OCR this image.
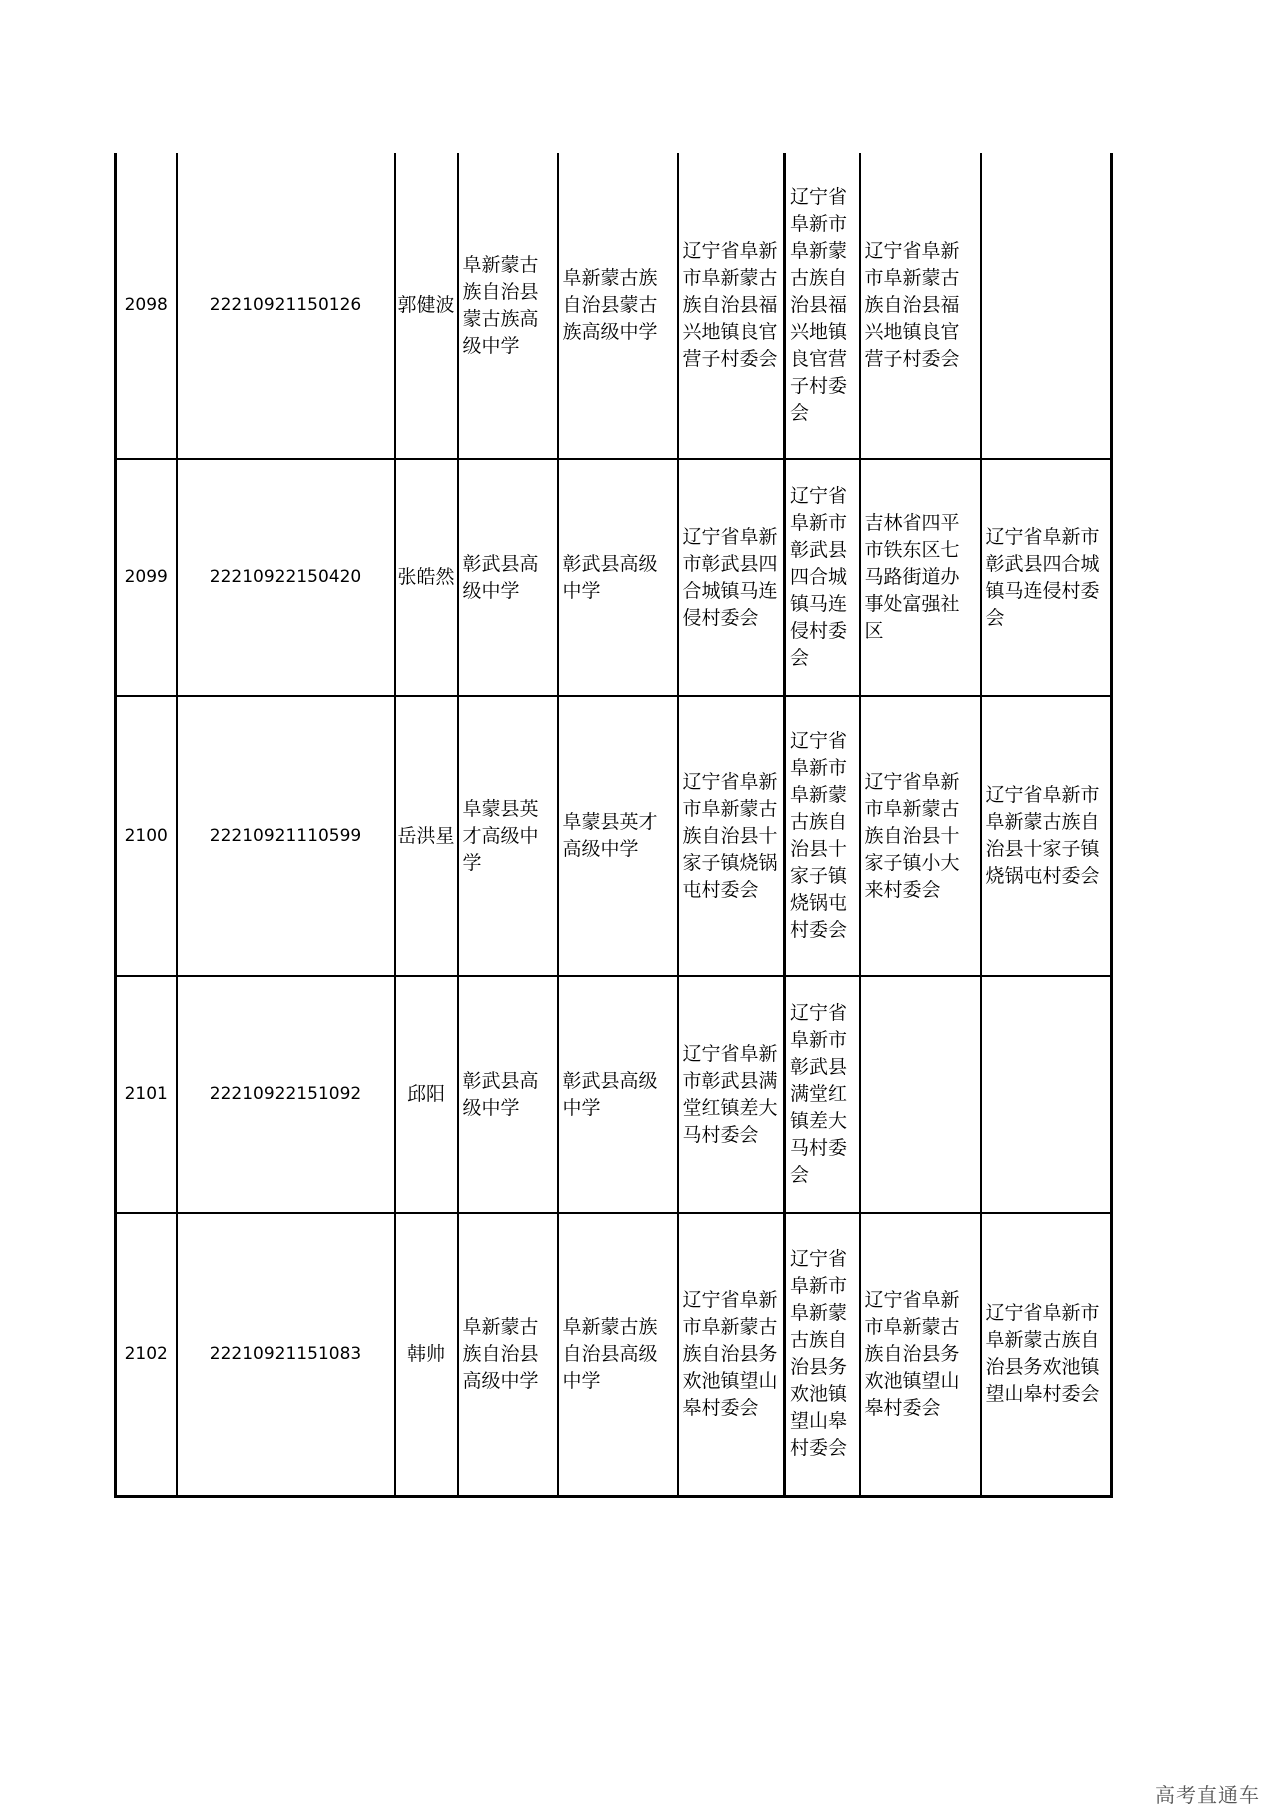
2098	22210921150126	郭健波	阜新蒙古族自治县蒙古族高级中学	阜新蒙古族自治县蒙古族高级中学	辽宁省阜新市阜新蒙古族自治县福兴地镇良官营子村委会	辽宁省阜新市阜新蒙古族自治县福兴地镇良官营子村委会	辽宁省阜新市阜新蒙古族自治县福兴地镇良官营子村委会	
2099	22210922150420	张皓然	彰武县高级中学	彰武县高级中学	辽宁省阜新市彰武县四合城镇马连侵村委会	辽宁省阜新市彰武县四合城镇马连侵村委会	吉林省四平市铁东区七马路街道办事处富强社区	辽宁省阜新市彰武县四合城镇马连侵村委会
2100	22210921110599	岳洪星	阜蒙县英才高级中学	阜蒙县英才高级中学	辽宁省阜新市阜新蒙古族自治县十家子镇烧锅屯村委会	辽宁省阜新市阜新蒙古族自治县十家子镇烧锅屯村委会	辽宁省阜新市阜新蒙古族自治县十家子镇小大来村委会	辽宁省阜新市阜新蒙古族自治县十家子镇烧锅屯村委会
2101	22210922151092	邱阳	彰武县高级中学	彰武县高级中学	辽宁省阜新市彰武县满堂红镇差大马村委会	辽宁省阜新市彰武县满堂红镇差大马村委会		
2102	22210921151083	韩帅	阜新蒙古族自治县高级中学	阜新蒙古族自治县高级中学	辽宁省阜新市阜新蒙古族自治县务欢池镇望山皋村委会	辽宁省阜新市阜新蒙古族自治县务欢池镇望山皋村委会	辽宁省阜新市阜新蒙古族自治县务欢池镇望山皋村委会	辽宁省阜新市阜新蒙古族自治县务欢池镇望山皋村委会
高考直通车
